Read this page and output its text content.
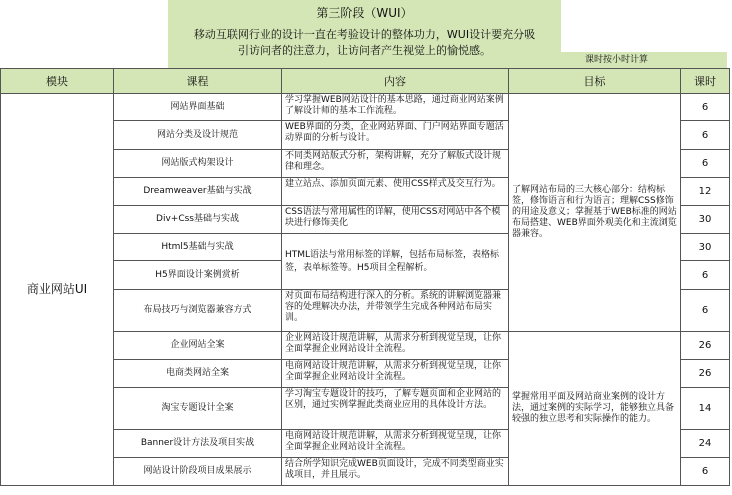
第三阶段（WUI）
移动互联网行业的设计一直在考验设计的整体功力，WUI设计要充分吸
引访问者的注意力，让访问者产生视觉上的愉悦感。
课时按小时计算
模块	课程	内容	目标	课时
商业网站UI	网站界面基础	学习掌握WEB网站设计的基本思路，通过商业网站案例了解设计师的基本工作流程。	了解网站布局的三大核心部分：结构标签，修饰语言和行为语言；理解CSS修饰的用途及意义；掌握基于WEB标准的网站布局搭建、WEB界面外观美化和主流浏览器兼容。	6
	网站分类及设计规范	WEB界面的分类，企业网站界面、门户网站界面专题活动界面的分析与设计。		6
	网站版式构架设计	不同类网站版式分析，架构讲解，充分了解版式设计规律和理念。		6
	Dreamweaver基础与实战	建立站点、添加页面元素、使用CSS样式及交互行为。		12
	Div+Css基础与实战	CSS语法与常用属性的详解，使用CSS对网站中各个模块进行修饰美化		30
	Html5基础与实战	HTML语法与常用标签的详解，包括布局标签，表格标签，表单标签等。H5项目全程解析。		30
	H5界面设计案例赏析			6
	布局技巧与浏览器兼容方式	对页面布局结构进行深入的分析。系统的讲解浏览器兼容的处理解决办法，并带领学生完成各种网站布局实训。		6
	企业网站全案	企业网站设计规范讲解，从需求分析到视觉呈现，让你全面掌握企业网站设计全流程。	掌握常用平面及网站商业案例的设计方法，通过案例的实际学习，能够独立具备较强的独立思考和实际操作的能力。	26
	电商类网站全案	电商网站设计规范讲解，从需求分析到视觉呈现，让你全面掌握企业网站设计全流程。		26
	淘宝专题设计全案	学习淘宝专题设计的技巧，了解专题页面和企业网站的区别，通过实例掌握此类商业应用的具体设计方法。		14
	Banner设计方法及项目实战	电商网站设计规范讲解，从需求分析到视觉呈现，让你全面掌握企业网站设计全流程。		24
	网站设计阶段项目成果展示	结合所学知识完成WEB页面设计，完成不同类型商业实战项目，并且展示。		6
